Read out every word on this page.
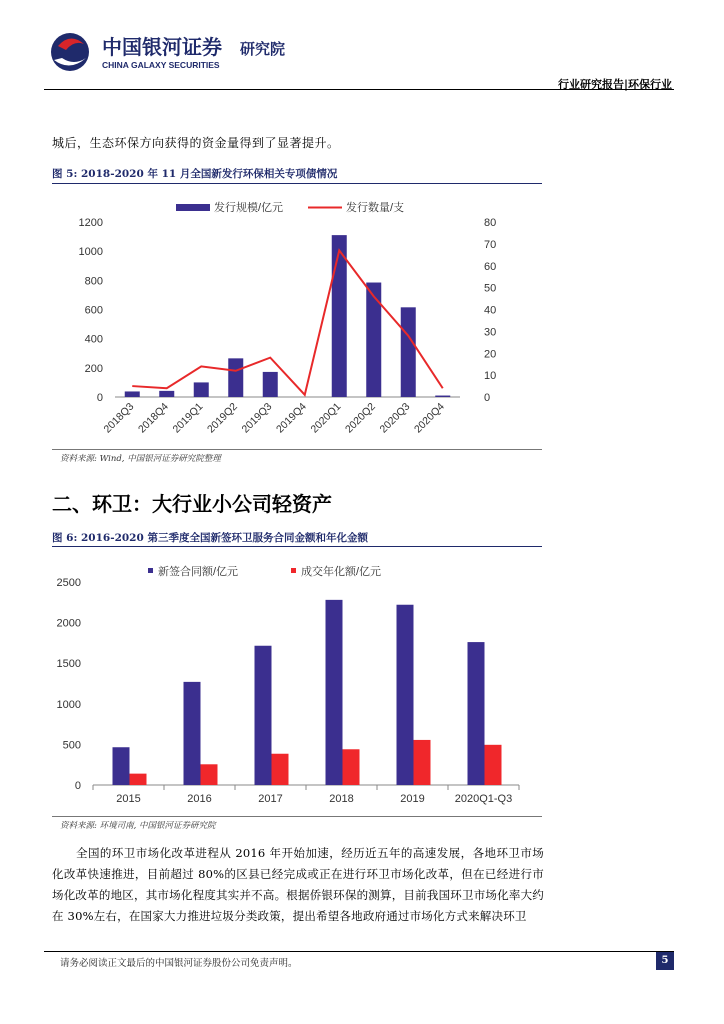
中国银河证券
CHINA GALAXY SECURITIES
研究院
行业研究报告|环保行业
城后，生态环保方向获得的资金量得到了显著提升。
图 5: 2018-2020 年 11 月全国新发行环保相关专项债情况
0
200
400
600
800
1000
1200
0
10
20
30
40
50
60
70
80
2018Q3 2018Q4 2019Q1 2019Q2 2019Q3 2019Q4 2020Q1 2020Q2 2020Q3 2020Q4
发行规模/亿元	发行数量/支
资料来源: Wind, 中国银河证券研究院整理
二、环卫：大行业小公司轻资产
图 6: 2016-2020 第三季度全国新签环卫服务合同金额和年化金额
0
500
1000
1500
2000
2500
2015	2016	2017	2018	2019	2020Q1-Q3
新签合同额/亿元	成交年化额/亿元
资料来源: 环境司南, 中国银河证券研究院
全国的环卫市场化改革进程从 2016 年开始加速，经历近五年的高速发展，各地环卫市场化改革快速推进，目前超过 80%的区县已经完成或正在进行环卫市场化改革，但在已经进行市场化改革的地区，其市场化程度其实并不高。根据侨银环保的测算，目前我国环卫市场化率大约在 30%左右，在国家大力推进垃圾分类政策，提出希望各地政府通过市场化方式来解决环卫
请务必阅读正文最后的中国银河证券股份公司免责声明。	5
